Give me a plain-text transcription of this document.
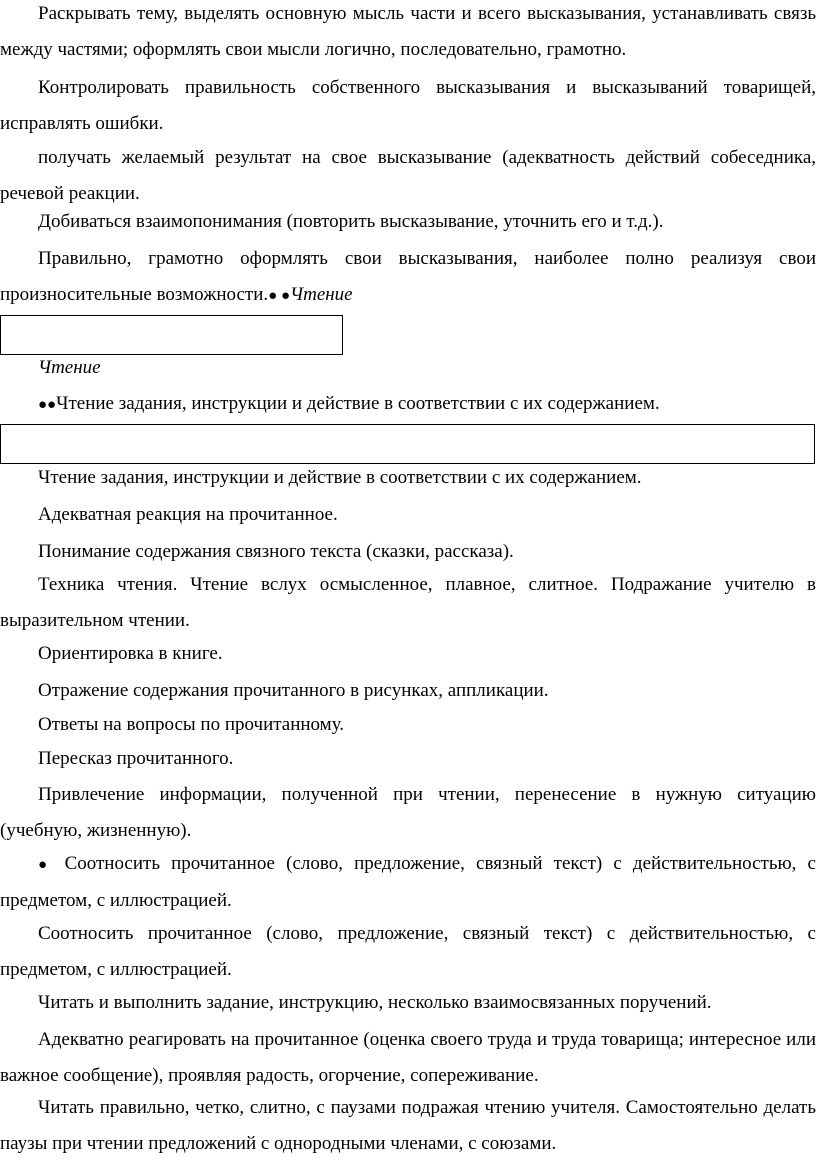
Раскрывать тему, выделять основную мысль части и всего высказывания, устанавливать связь между частями; оформлять свои мысли логично, последовательно, грамотно.

Контролировать правильность собственного высказывания и высказываний товарищей, исправлять ошибки.

получать желаемый результат на свое высказывание (адекватность действий собеседника, речевой реакции.

Добиваться взаимопонимания (повторить высказывание, уточнить его и т.д.).

Правильно, грамотно оформлять свои высказывания, наиболее полно реализуя свои произносительные возможности.● ●Чтение

Чтение

●●Чтение задания, инструкции и действие в соответствии с их содержанием.

Чтение задания, инструкции и действие в соответствии с их содержанием.

Адекватная реакция на прочитанное.

Понимание содержания связного текста (сказки, рассказа).

Техника чтения. Чтение вслух осмысленное, плавное, слитное. Подражание учителю в выразительном чтении.

Ориентировка в книге.

Отражение содержания прочитанного в рисунках, аппликации.

Ответы на вопросы по прочитанному.

Пересказ прочитанного.

Привлечение информации, полученной при чтении, перенесение в нужную ситуацию (учебную, жизненную).

● Соотносить прочитанное (слово, предложение, связный текст) с действительностью, с предметом, с иллюстрацией.

Соотносить прочитанное (слово, предложение, связный текст) с действительностью, с предметом, с иллюстрацией.

Читать и выполнить задание, инструкцию, несколько взаимосвязанных поручений.

Адекватно реагировать на прочитанное (оценка своего труда и труда товарища; интересное или важное сообщение), проявляя радость, огорчение, сопереживание.

Читать правильно, четко, слитно, с паузами подражая чтению учителя. Самостоятельно делать паузы при чтении предложений с однородными членами, с союзами.
